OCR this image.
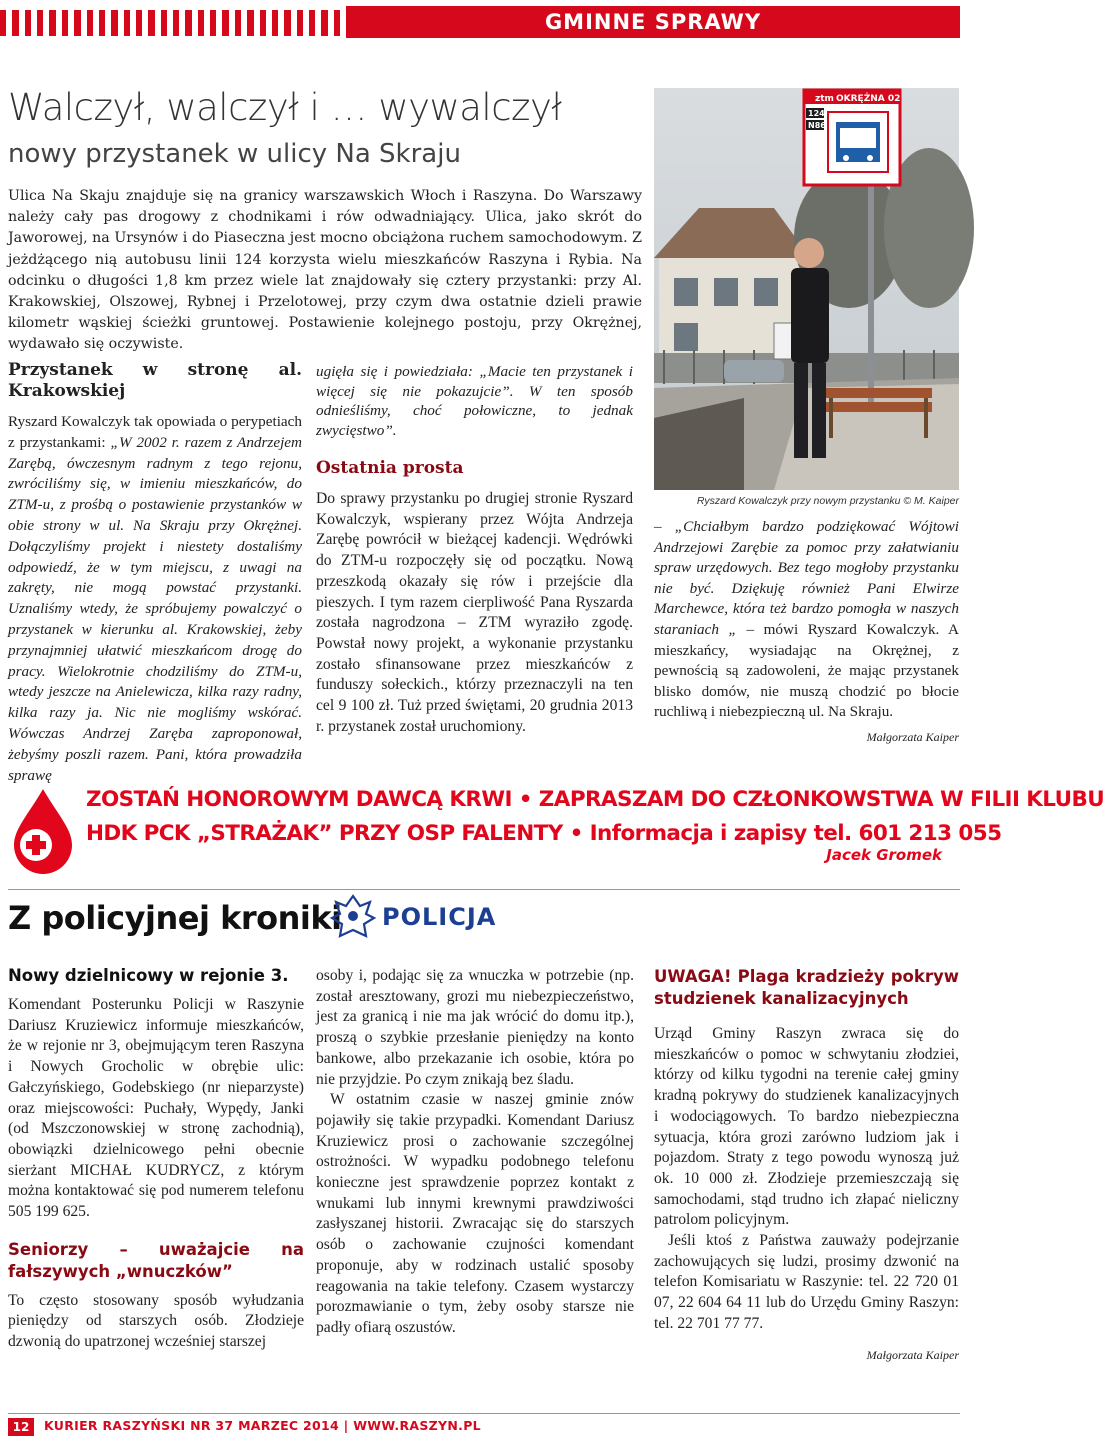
GMINNE SPRAWY
Walczył, walczył i … wywalczył
nowy przystanek w ulicy Na Skraju
Ulica Na Skaju znajduje się na granicy warszawskich Włoch i Raszyna. Do Warszawy należy cały pas drogowy z chodnikami i rów odwadniający. Ulica, jako skrót do Jaworowej, na Ursynów i do Piaseczna jest mocno obciążona ruchem samochodowym. Z jeżdżącego nią autobusu linii 124 korzysta wielu mieszkańców Raszyna i Rybia. Na odcinku o długości 1,8 km przez wiele lat znajdowały się cztery przystanki: przy Al. Krakowskiej, Olszowej, Rybnej i Przelotowej, przy czym dwa ostatnie dzieli prawie kilometr wąskiej ścieżki gruntowej. Postawienie kolejnego postoju, przy Okrężnej, wydawało się oczywiste.
ztm OKRĘŻNA 02
124
N86
Ryszard Kowalczyk przy nowym przystanku © M. Kaiper
Przystanek w stronę al. Krakowskiej
Ryszard Kowalczyk tak opowiada o perypetiach z przystankami: „W 2002 r. razem z Andrzejem Zarębą, ówczesnym radnym z tego rejonu, zwróciliśmy się, w imieniu mieszkańców, do ZTM-u, z prośbą o postawienie przystanków w obie strony w ul. Na Skraju przy Okrężnej. Dołączyliśmy projekt i niestety dostaliśmy odpowiedź, że w tym miejscu, z uwagi na zakręty, nie mogą powstać przystanki. Uznaliśmy wtedy, że spróbujemy powalczyć o przystanek w kierunku al. Krakowskiej, żeby przynajmniej ułatwić mieszkańcom drogę do pracy. Wielokrotnie chodziliśmy do ZTM-u, wtedy jeszcze na Anielewicza, kilka razy radny, kilka razy ja. Nic nie mogliśmy wskórać. Wówczas Andrzej Zaręba zaproponował, żebyśmy poszli razem. Pani, która prowadziła sprawę
ugięła się i powiedziała: „Macie ten przystanek i więcej się nie pokazujcie”. W ten sposób odnieśliśmy, choć połowiczne, to jednak zwycięstwo”.
Ostatnia prosta
Do sprawy przystanku po drugiej stronie Ryszard Kowalczyk, wspierany przez Wójta Andrzeja Zarębę powrócił w bieżącej kadencji. Wędrówki do ZTM-u rozpoczęły się od początku. Nową przeszkodą okazały się rów i przejście dla pieszych. I tym razem cierpliwość Pana Ryszarda została nagrodzona – ZTM wyraziło zgodę. Powstał nowy projekt, a wykonanie przystanku zostało sfinansowane przez mieszkańców z funduszy sołeckich., którzy przeznaczyli na ten cel 9 100 zł. Tuż przed świętami, 20 grudnia 2013 r. przystanek został uruchomiony.
– „Chciałbym bardzo podziękować Wójtowi Andrzejowi Zarębie za pomoc przy załatwianiu spraw urzędowych. Bez tego mogłoby przystanku nie być. Dziękuję również Pani Elwirze Marchewce, która też bardzo pomogła w naszych staraniach „ – mówi Ryszard Kowalczyk. A mieszkańcy, wysiadając na Okrężnej, z pewnością są zadowoleni, że mając przystanek blisko domów, nie muszą chodzić po błocie ruchliwą i niebezpieczną ul. Na Skraju.
Małgorzata Kaiper
ZOSTAŃ HONOROWYM DAWCĄ KRWI • ZAPRASZAM DO CZŁONKOWSTWA W FILII KLUBU
HDK PCK „STRAŻAK” PRZY OSP FALENTY • Informacja i zapisy tel. 601 213 055
Jacek Gromek
Z policyjnej kroniki POLICJA
Nowy dzielnicowy w rejonie 3.
Komendant Posterunku Policji w Raszynie Dariusz Kruziewicz informuje mieszkańców, że w rejonie nr 3, obejmującym teren Raszyna i Nowych Grocholic w obrębie ulic: Gałczyńskiego, Godebskiego (nr nieparzyste) oraz miejscowości: Puchały, Wypędy, Janki (od Mszczonowskiej w stronę zachodnią), obowiązki dzielnicowego pełni obecnie sierżant MICHAŁ KUDRYCZ, z którym można kontaktować się pod numerem telefonu 505 199 625.
Seniorzy – uważajcie na fałszywych „wnuczków”
To często stosowany sposób wyłudzania pieniędzy od starszych osób. Złodzieje dzwonią do upatrzonej wcześniej starszej
osoby i, podając się za wnuczka w potrzebie (np. został aresztowany, grozi mu niebezpieczeństwo, jest za granicą i nie ma jak wrócić do domu itp.), proszą o szybkie przesłanie pieniędzy na konto bankowe, albo przekazanie ich osobie, która po nie przyjdzie. Po czym znikają bez śladu.
W ostatnim czasie w naszej gminie znów pojawiły się takie przypadki. Komendant Dariusz Kruziewicz prosi o zachowanie szczególnej ostrożności. W wypadku podobnego telefonu konieczne jest sprawdzenie poprzez kontakt z wnukami lub innymi krewnymi prawdziwości zasłyszanej historii. Zwracając się do starszych osób o zachowanie czujności komendant proponuje, aby w rodzinach ustalić sposoby reagowania na takie telefony. Czasem wystarczy porozmawianie o tym, żeby osoby starsze nie padły ofiarą oszustów.
UWAGA! Plaga kradzieży pokryw studzienek kanalizacyjnych
Urząd Gminy Raszyn zwraca się do mieszkańców o pomoc w schwytaniu złodziei, którzy od kilku tygodni na terenie całej gminy kradną pokrywy do studzienek kanalizacyjnych i wodociągowych. To bardzo niebezpieczna sytuacja, która grozi zarówno ludziom jak i pojazdom. Straty z tego powodu wynoszą już ok. 10 000 zł. Złodzieje przemieszczają się samochodami, stąd trudno ich złapać nieliczny patrolom policyjnym.
Jeśli ktoś z Państwa zauważy podejrzanie zachowujących się ludzi, prosimy dzwonić na telefon Komisariatu w Raszynie: tel. 22 720 01 07, 22 604 64 11 lub do Urzędu Gminy Raszyn: tel. 22 701 77 77.
Małgorzata Kaiper
12	KURIER RASZYŃSKI NR 37 MARZEC 2014 | WWW.RASZYN.PL
